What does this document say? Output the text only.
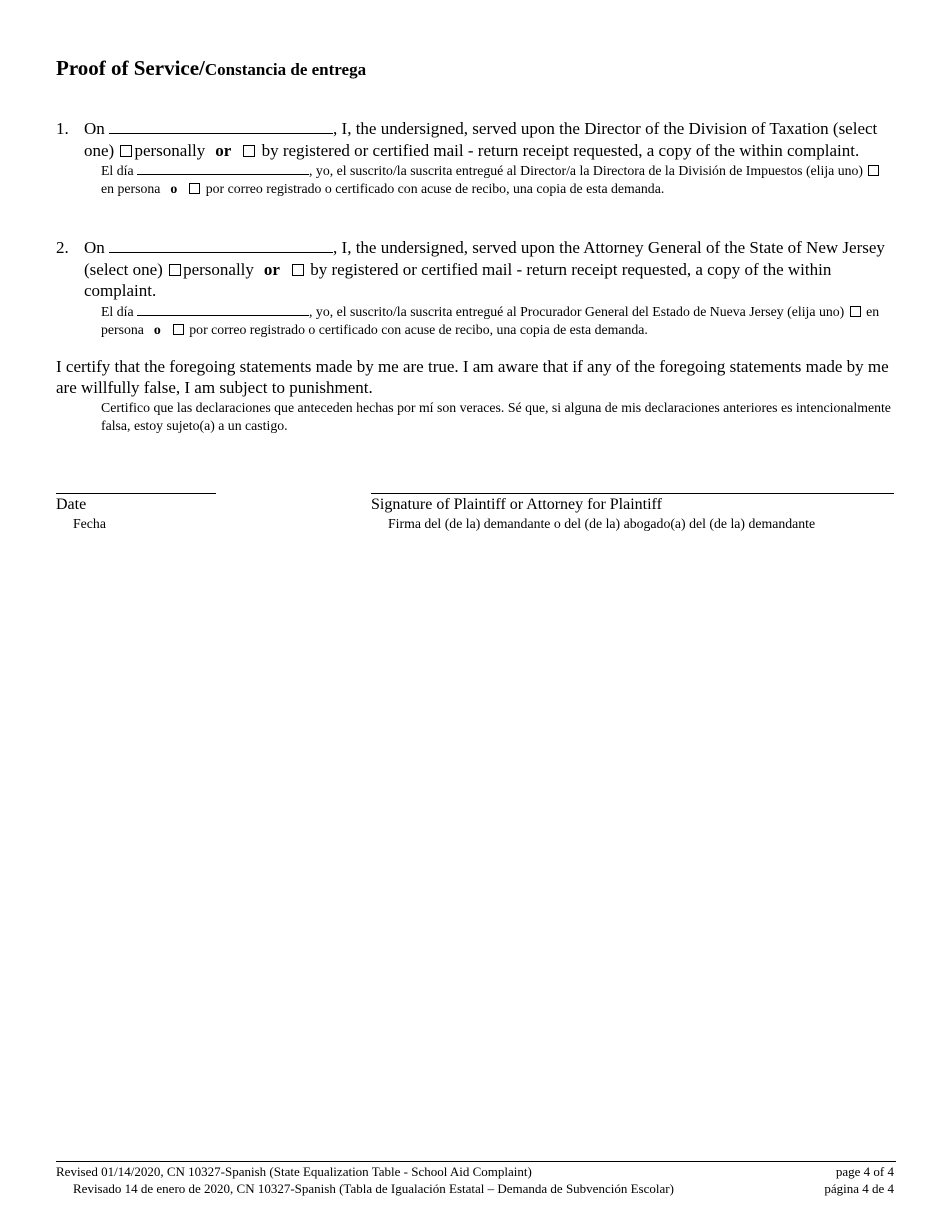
Proof of Service/Constancia de entrega
1. On	, I, the undersigned, served upon the Director of the Division of Taxation (select one) personally or by registered or certified mail - return receipt requested, a copy of the within complaint.
El día	, yo, el suscrito/la suscrita entregué al Director/a la Directora de la División de Impuestos (elija uno)  en persona o por correo registrado o certificado con acuse de recibo, una copia de esta demanda.
2. On	, I, the undersigned, served upon the Attorney General of the State of New Jersey (select one) personally or by registered or certified mail - return receipt requested, a copy of the within complaint.
El día	, yo, el suscrito/la suscrita entregué al Procurador General del Estado de Nueva Jersey (elija uno) en persona o por correo registrado o certificado con acuse de recibo, una copia de esta demanda.
I certify that the foregoing statements made by me are true. I am aware that if any of the foregoing statements made by me are willfully false, I am subject to punishment.
Certifico que las declaraciones que anteceden hechas por mí son veraces. Sé que, si alguna de mis declaraciones anteriores es intencionalmente falsa, estoy sujeto(a) a un castigo.
Date
Fecha
Signature of Plaintiff or Attorney for Plaintiff
Firma del (de la) demandante o del (de la) abogado(a) del (de la) demandante
Revised 01/14/2020, CN 10327-Spanish (State Equalization Table - School Aid Complaint)
Revisado 14 de enero de 2020, CN 10327-Spanish (Tabla de Igualación Estatal – Demanda de Subvención Escolar)
page 4 of 4
página 4 de 4
